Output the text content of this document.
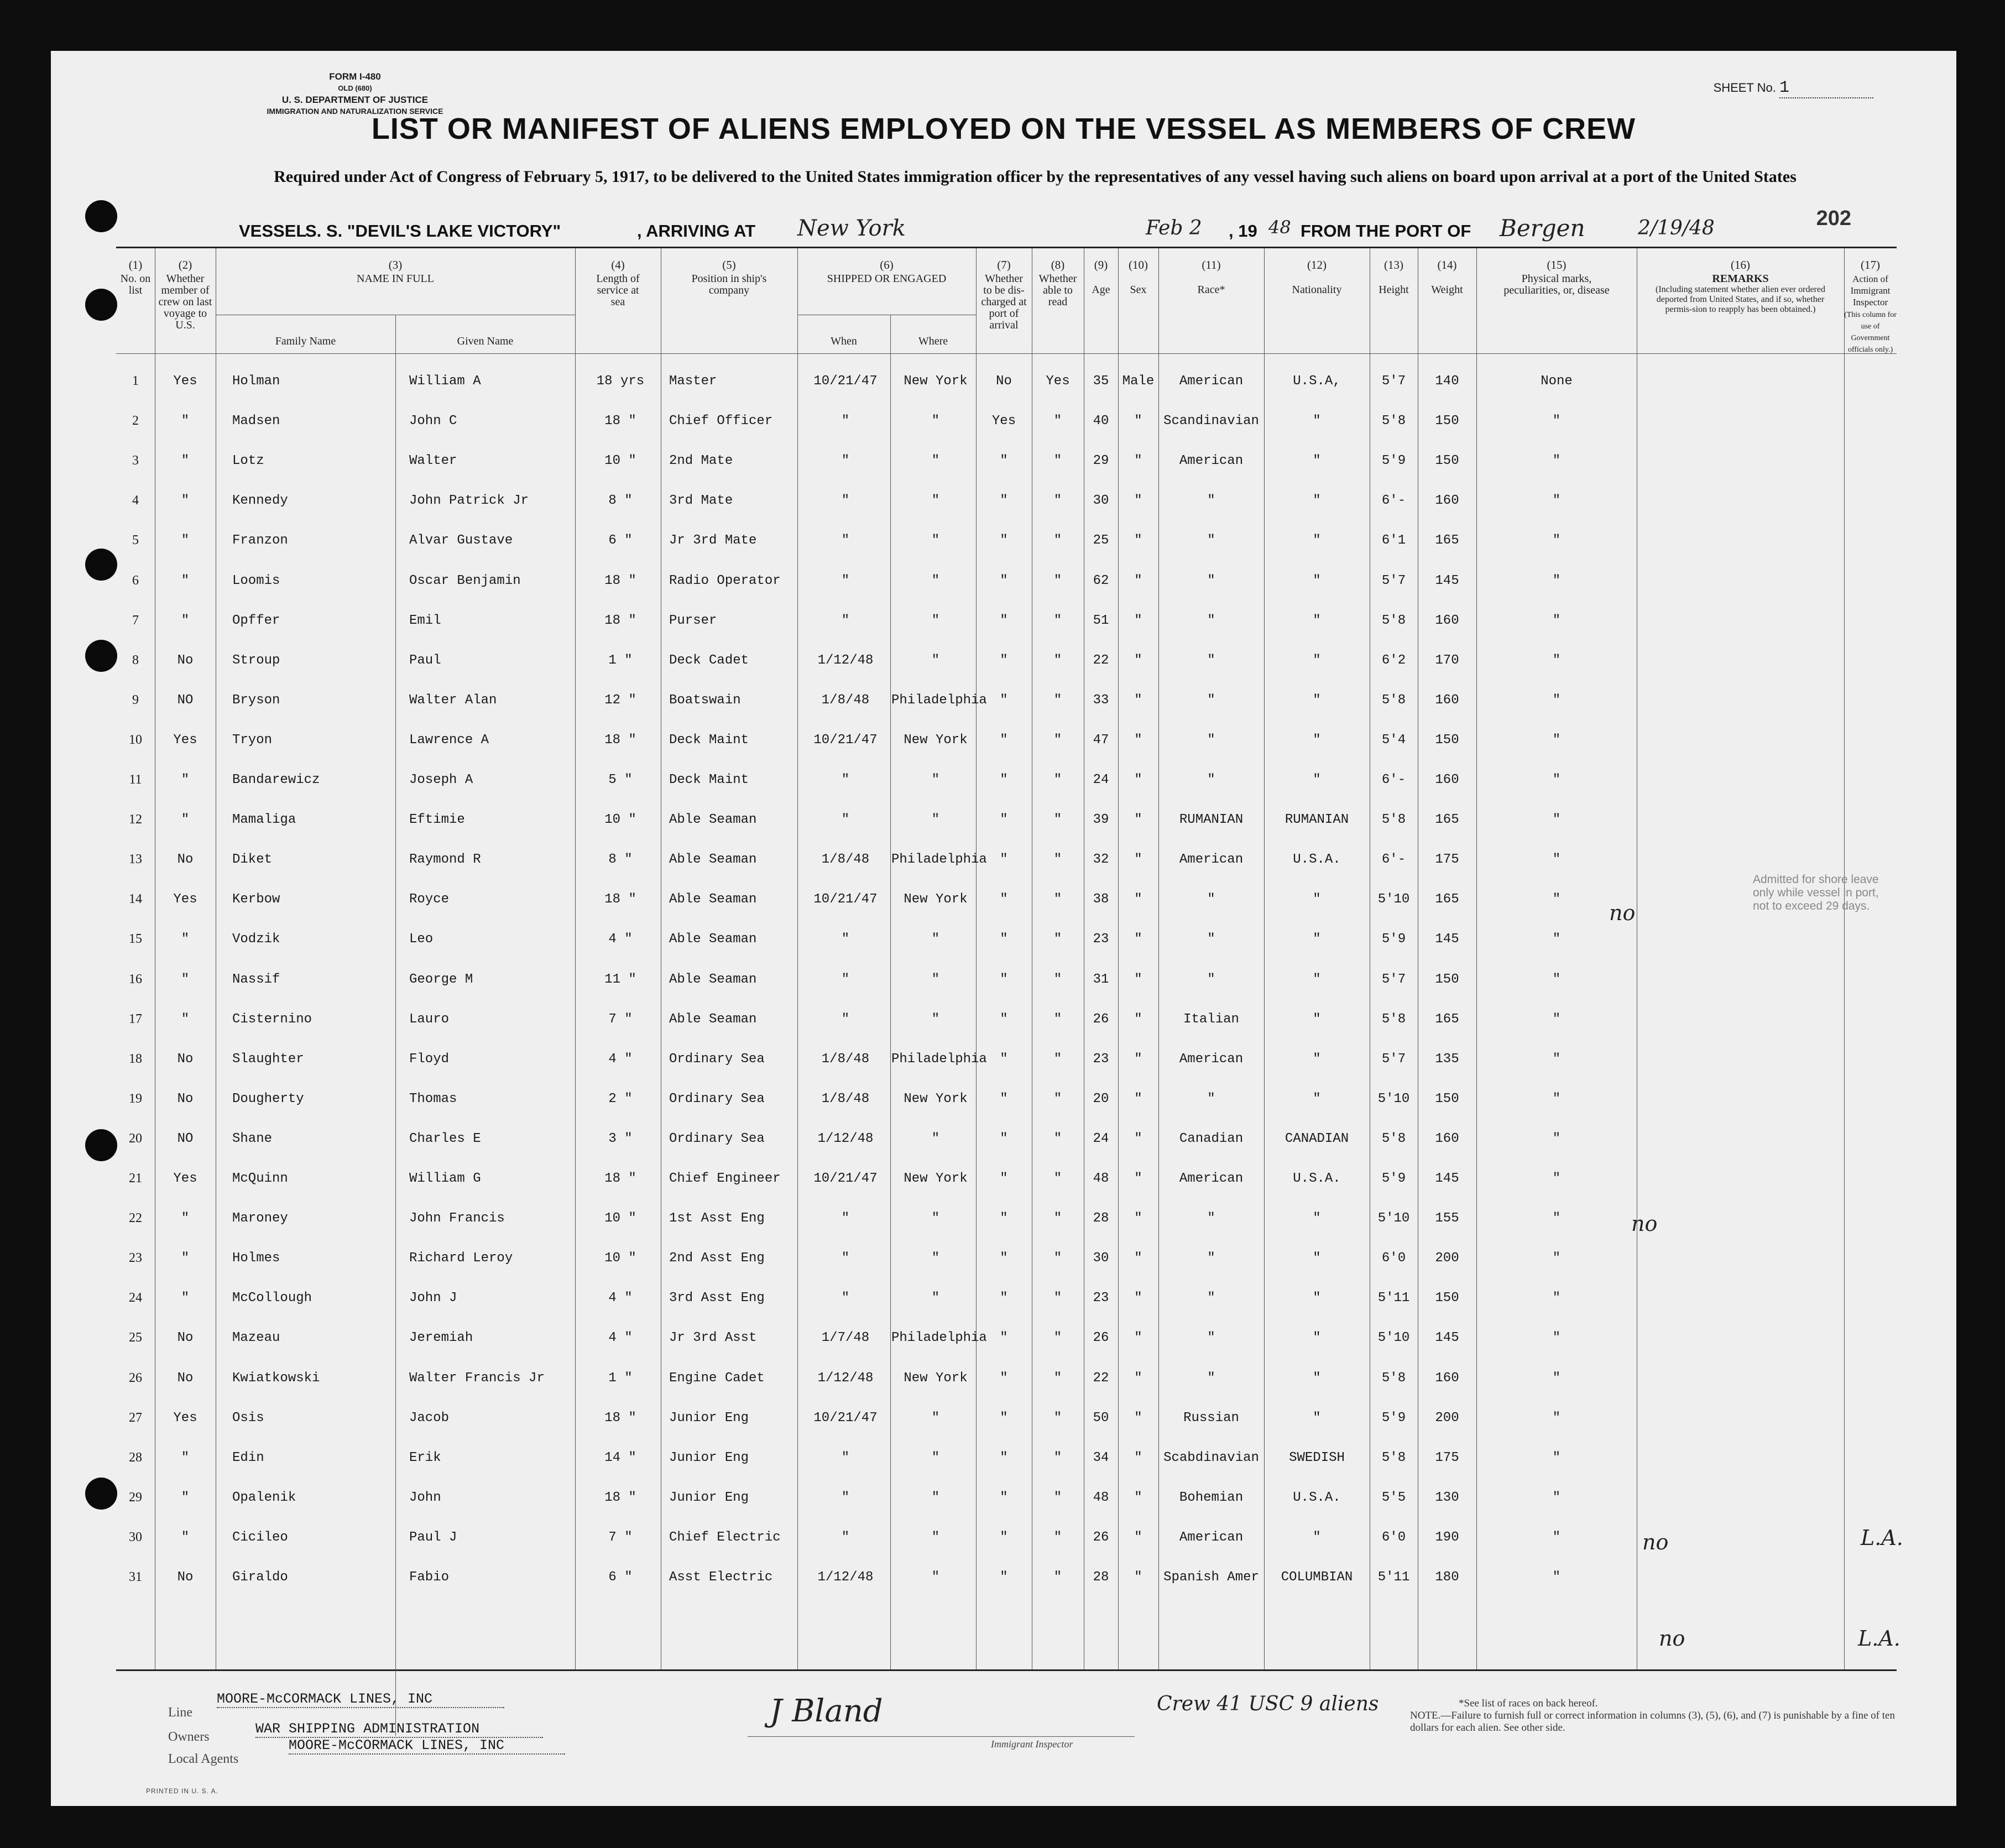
FORM I-480
OLD (680)
U. S. DEPARTMENT OF JUSTICE
IMMIGRATION AND NATURALIZATION SERVICE
SHEET No. 1
LIST OR MANIFEST OF ALIENS EMPLOYED ON THE VESSEL AS MEMBERS OF CREW
Required under Act of Congress of February 5, 1917, to be delivered to the United States immigration officer by the representatives of any vessel having such aliens on board upon arrival at a port of the United States
202
VESSEL
S. S. "DEVIL'S LAKE VICTORY"	, ARRIVING AT New York	Feb 2 , 19 48 FROM THE PORT OF Bergen	2/19/48
(1)
No. on list
(2)
Whether member of crew on last voyage to U.S.
(3)
NAME IN FULL
Family Name	Given Name
(4)
Length of service at sea
(5)
Position in ship's company
(6)
SHIPPED OR ENGAGED
When	Where
(7)
Whether to be dis-charged at port of arrival
(8)
Whether able to read
(9)
Age
(10)
Sex
(11)
Race*
(12)
Nationality
(13)
Height
(14)
Weight
(15)
Physical marks, peculiarities, or, disease
(16)
REMARKS
(Including statement whether alien ever ordered deported from United States, and if so, whether permis-sion to reapply has been obtained.)
(17)
Action of Immigrant Inspector
(This column for use of Government officials only.)
1	Yes	Holman	William A	18 yrs	Master	10/21/47	New York	No	Yes	35	Male	American	U.S.A,	5'7	140	None
2	"	Madsen	John C	18 "	Chief Officer	"	"	Yes	"	40	"	Scandinavian	"	5'8	150	"
3	"	Lotz	Walter	10 "	2nd Mate	"	"	"	"	29	"	American	"	5'9	150	"
4	"	Kennedy	John Patrick Jr	8 "	3rd Mate	"	"	"	"	30	"	"	"	6'-	160	"
5	"	Franzon	Alvar Gustave	6 "	Jr 3rd Mate	"	"	"	"	25	"	"	"	6'1	165	"
6	"	Loomis	Oscar Benjamin	18 "	Radio Operator	"	"	"	"	62	"	"	"	5'7	145	"
7	"	Opffer	Emil	18 "	Purser	"	"	"	"	51	"	"	"	5'8	160	"
8	No	Stroup	Paul	1 "	Deck Cadet	1/12/48	"	"	"	22	"	"	"	6'2	170	"
9	NO	Bryson	Walter Alan	12 "	Boatswain	1/8/48	Philadelphia "	"	33	"	"	"	5'8	160	"
10	Yes	Tryon	Lawrence A	18 "	Deck Maint	10/21/47	New York	"	"	47	"	"	"	5'4	150	"
11	"	Bandarewicz	Joseph A	5 "	Deck Maint	"	"	"	"	24	"	"	"	6'-	160	"
12	"	Mamaliga	Eftimie	10 "	Able Seaman	"	"	"	"	39	"	RUMANIAN	RUMANIAN	5'8	165	"
13	No	Diket	Raymond R	8 "	Able Seaman	1/8/48	Philadelphia "	"	32	"	American	U.S.A.	6'-	175	"
14	Yes	Kerbow	Royce	18 "	Able Seaman	10/21/47	New York	"	"	38	"	"	"	5'10	165	"
15	"	Vodzik	Leo	4 "	Able Seaman	"	"	"	"	23	"	"	"	5'9	145	"
16	"	Nassif	George M	11 "	Able Seaman	"	"	"	"	31	"	"	"	5'7	150	"
17	"	Cisternino	Lauro	7 "	Able Seaman	"	"	"	"	26	"	Italian	"	5'8	165	"
18	No	Slaughter	Floyd	4 "	Ordinary Sea	1/8/48	Philadelphia "	"	23	"	American	"	5'7	135	"
19	No	Dougherty	Thomas	2 "	Ordinary Sea	1/8/48	New York	"	"	20	"	"	"	5'10	150	"
20	NO	Shane	Charles E	3 "	Ordinary Sea	1/12/48	"	"	"	24	"	Canadian	CANADIAN	5'8	160	"
21	Yes	McQuinn	William G	18 "	Chief Engineer	10/21/47	New York	"	"	48	"	American	U.S.A.	5'9	145	"
22	"	Maroney	John Francis	10 "	1st Asst Eng	"	"	"	"	28	"	"	"	5'10	155	"
23	"	Holmes	Richard Leroy	10 "	2nd Asst Eng	"	"	"	"	30	"	"	"	6'0	200	"
24	"	McCollough	John J	4 "	3rd Asst Eng	"	"	"	"	23	"	"	"	5'11	150	"
25	No	Mazeau	Jeremiah	4 "	Jr 3rd Asst	1/7/48	Philadelphia "	"	26	"	"	"	5'10	145	"
26	No	Kwiatkowski	Walter Francis Jr	1 "	Engine Cadet	1/12/48	New York	"	"	22	"	"	"	5'8	160	"
27	Yes	Osis	Jacob	18 "	Junior Eng	10/21/47	"	"	"	50	"	Russian	"	5'9	200	"
28	"	Edin	Erik	14 "	Junior Eng	"	"	"	"	34	"	Scabdinavian	SWEDISH	5'8	175	"
29	"	Opalenik	John	18 "	Junior Eng	"	"	"	"	48	"	Bohemian	U.S.A.	5'5	130	"
30	"	Cicileo	Paul J	7 "	Chief Electric	"	"	"	"	26	"	American	"	6'0	190	"
31	No	Giraldo	Fabio	6 "	Asst Electric	1/12/48	"	"	"	28	"	Spanish Amer	COLUMBIAN	5'11	180	"
Admitted for shore leave only while vessel in port, not to exceed 29 days.
no
no
no	L.A.
no	L.A.
Line
MOORE-McCORMACK LINES, INC
Owners	WAR SHIPPING ADMINISTRATION
Local Agents
MOORE-McCORMACK LINES, INC
J Bland
Immigrant Inspector
Crew 41 USC 9 aliens	*See list of races on back hereof.
NOTE.—Failure to furnish full or correct information in columns (3), (5), (6), and (7) is punishable by a fine of ten dollars for each alien. See other side.
PRINTED IN U. S. A.
